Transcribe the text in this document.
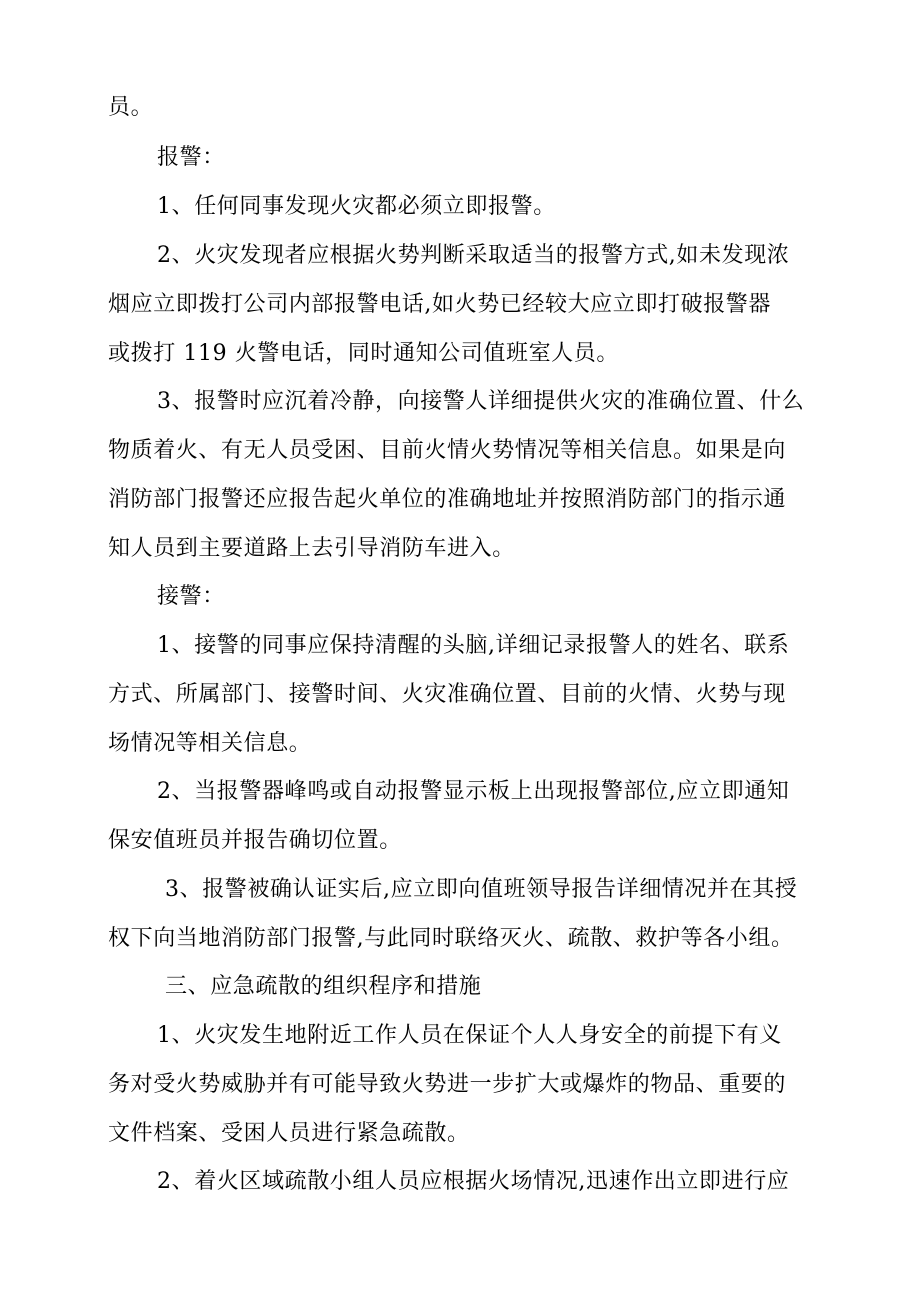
员。
报警：
1、任何同事发现火灾都必须立即报警。
2、火灾发现者应根据火势判断采取适当的报警方式,如未发现浓
烟应立即拨打公司内部报警电话,如火势已经较大应立即打破报警器
或拨打 119 火警电话，同时通知公司值班室人员。
3、报警时应沉着冷静，向接警人详细提供火灾的准确位置、什么
物质着火、有无人员受困、目前火情火势情况等相关信息。如果是向
消防部门报警还应报告起火单位的准确地址并按照消防部门的指示通
知人员到主要道路上去引导消防车进入。
接警：
1、接警的同事应保持清醒的头脑,详细记录报警人的姓名、联系
方式、所属部门、接警时间、火灾准确位置、目前的火情、火势与现
场情况等相关信息。
2、当报警器峰鸣或自动报警显示板上出现报警部位,应立即通知
保安值班员并报告确切位置。
3、报警被确认证实后,应立即向值班领导报告详细情况并在其授
权下向当地消防部门报警,与此同时联络灭火、疏散、救护等各小组。
三、应急疏散的组织程序和措施
1、火灾发生地附近工作人员在保证个人人身安全的前提下有义
务对受火势威胁并有可能导致火势进一步扩大或爆炸的物品、重要的
文件档案、受困人员进行紧急疏散。
2、着火区域疏散小组人员应根据火场情况,迅速作出立即进行应
